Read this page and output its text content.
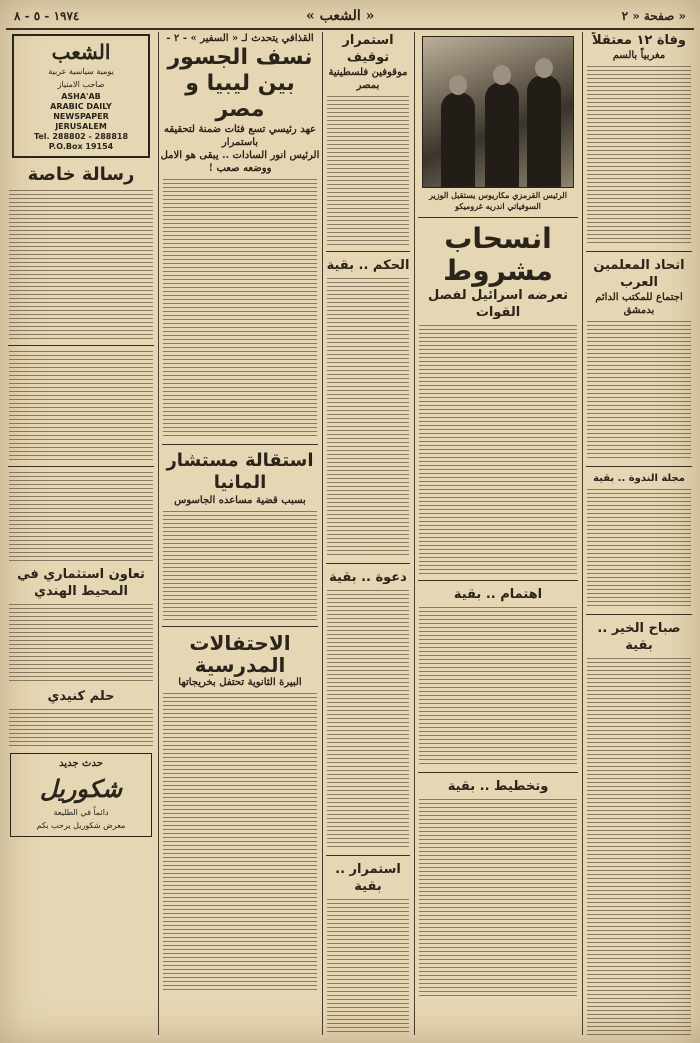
١٩٧٤ - ٥ - ٨	« الشعب »	صفحة « ٢ »
الشعب
يومية سياسية عربية
صاحب الامتياز
ASHA'AB
ARABIC DAILY
NEWSPAPER
JERUSALEM
Tel. 288802 - 288818
P.O.Box 19154
رسالة خاصة
تعاون استثماري في المحيط الهندي
حلم كنيدي
حدث جديد
شكوريل
دائماً في الطليعة
معرض شكوريل يرحب بكم
القذافي يتحدث لـ « السفير » - ٢ -
نسف الجسور بين ليبيا و مصر
عهد رئيسي تسع فئات ضمنة لتحقيقه باستمرار
الرئيس انور السادات .. يبقى هو الامل ووضعه صعب !
استقالة مستشار المانيا
بسبب قضية مساعده الجاسوس
الاحتفالات المدرسية
البيرة الثانوية تحتفل بخريجاتها
استمرار توقيف
موقوفين فلسطينية بمصر
الحكم .. بقية
دعوة .. بقية
استمرار .. بقية
الرئيس القرمزي مكاريوس يستقبل الوزير السوفياتي اندريه غروميكو
انسحاب مشروط
تعرضه اسرائيل لفصل القوات
اهتمام .. بقية
وتخطيط .. بقية
وفاة ١٢ معتقلاً
مغربياً بالسم
اتحاد المعلمين العرب
اجتماع للمكتب الدائم بدمشق
مجلة الندوة .. بقية
صباح الخير .. بقية
